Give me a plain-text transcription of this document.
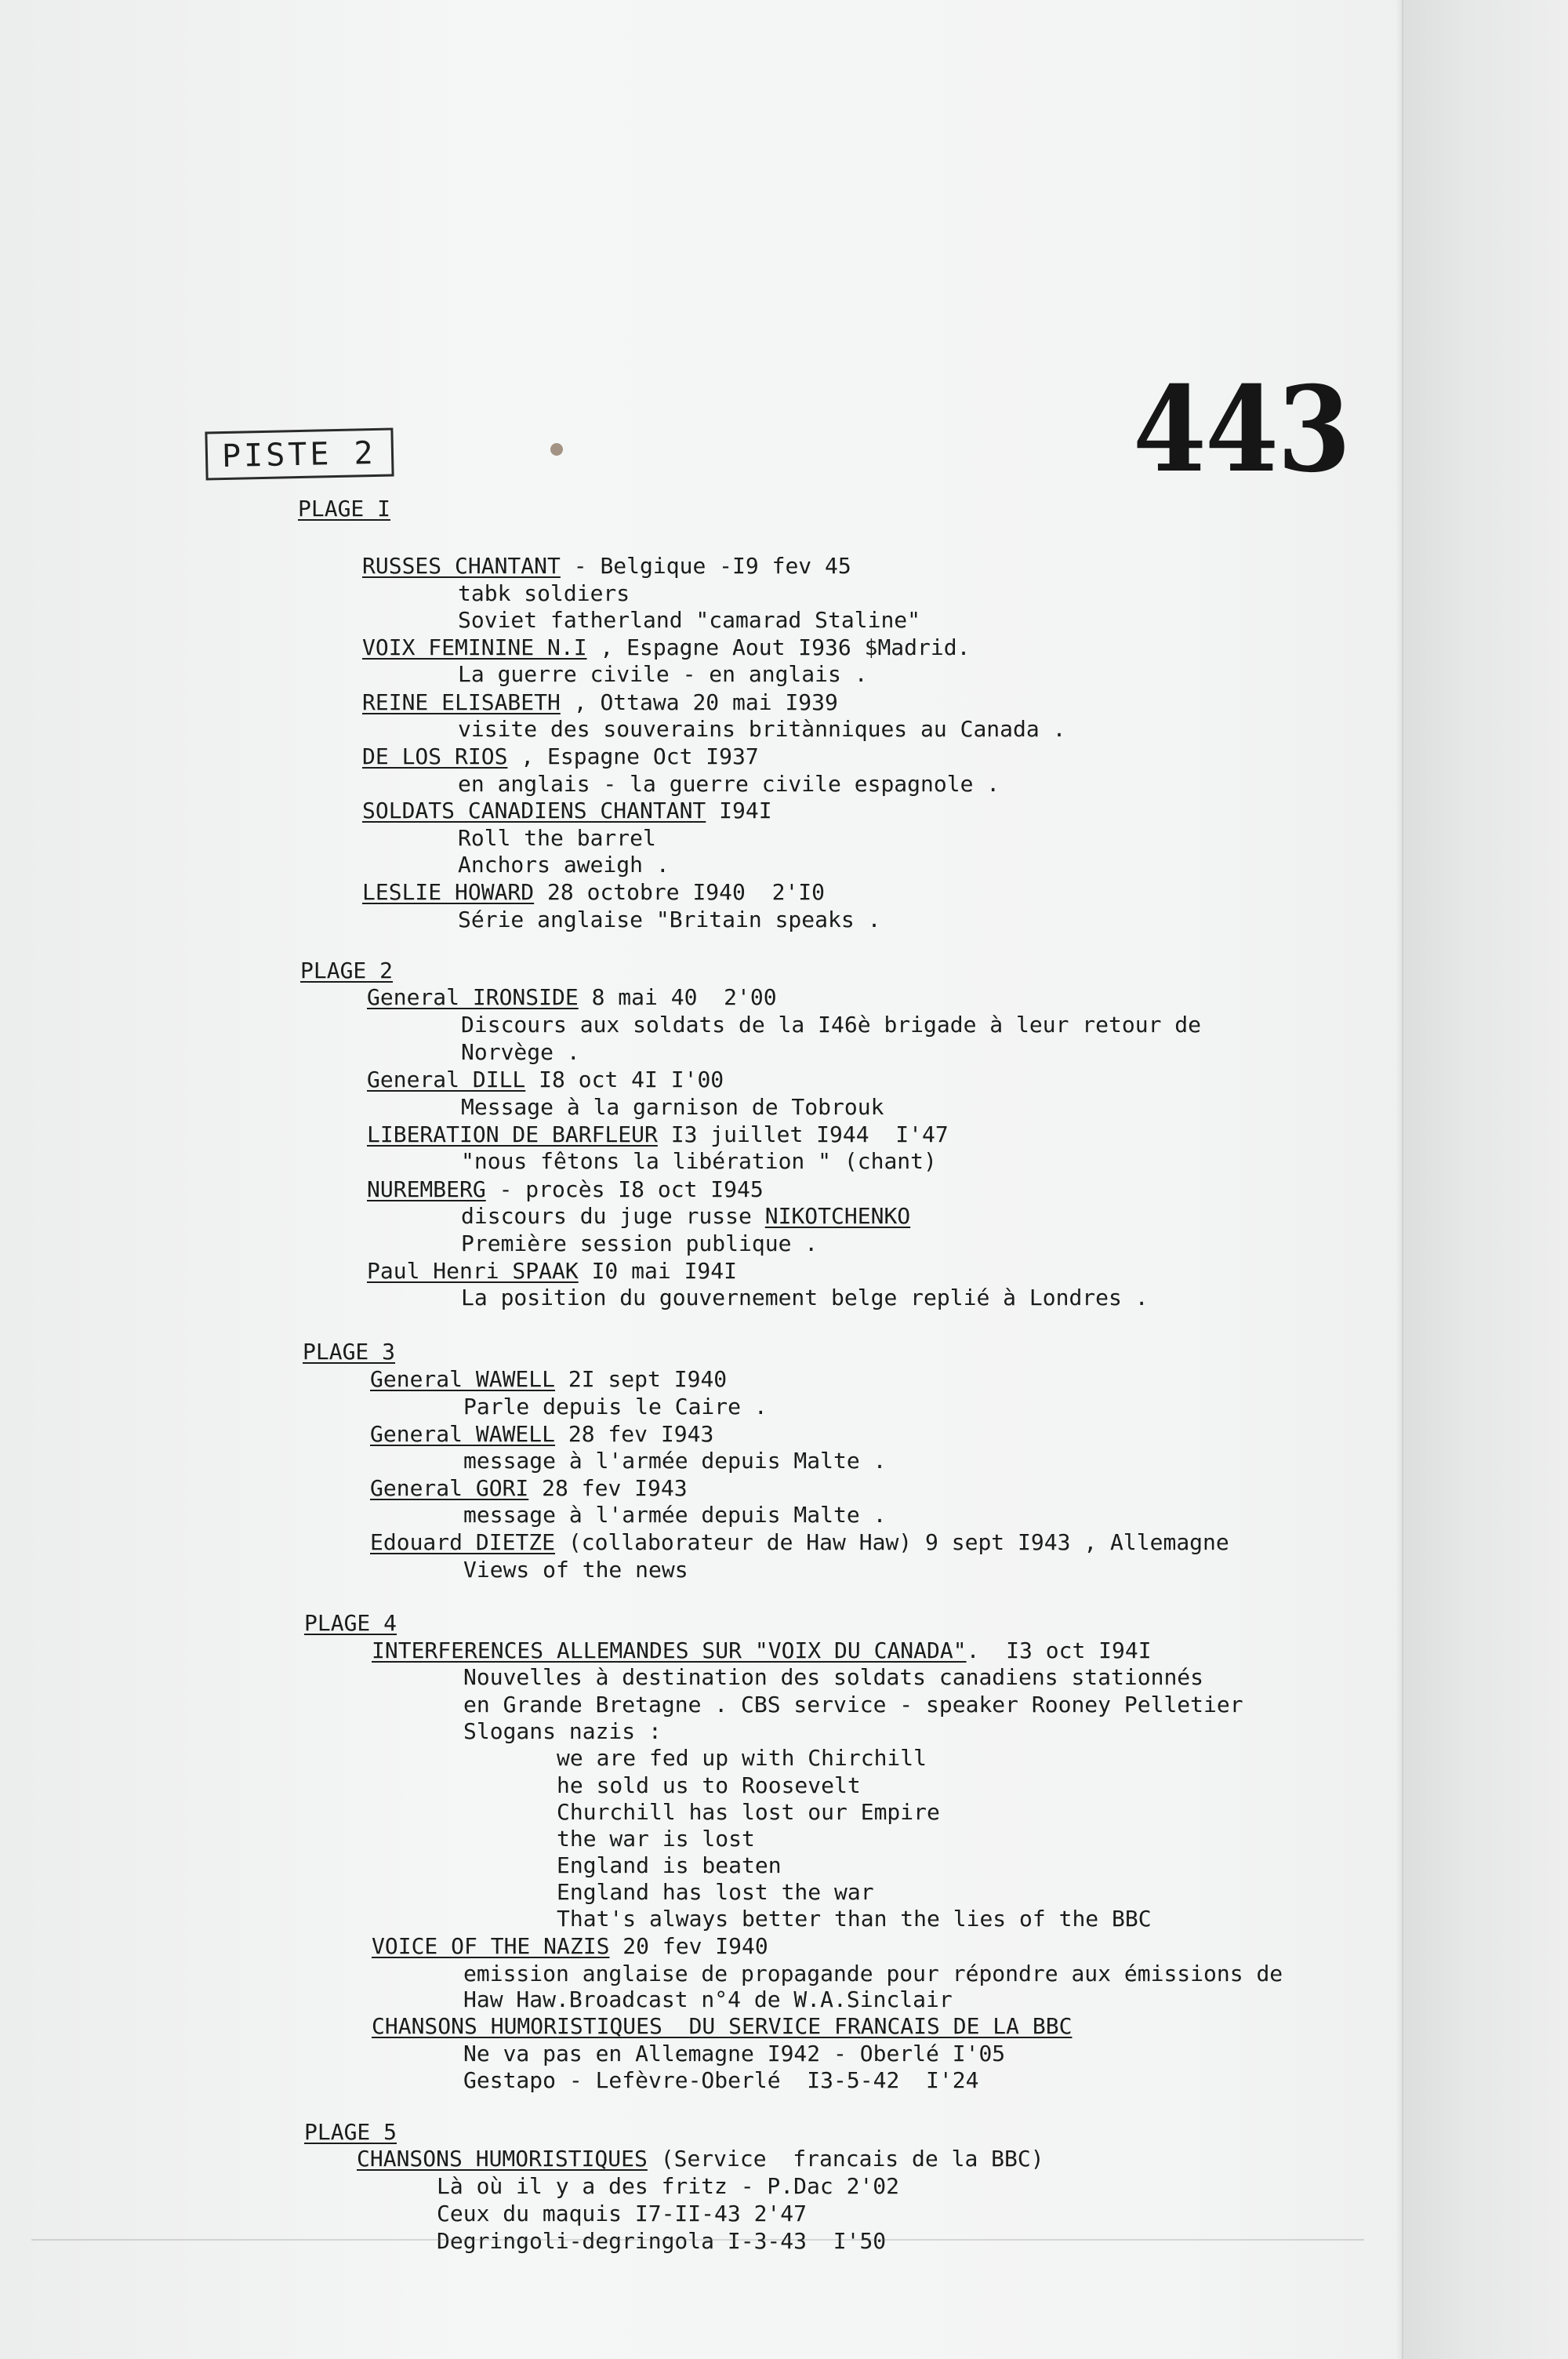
PISTE 2	443
PLAGE I
RUSSES CHANTANT - Belgique -I9 fev 45
tabk soldiers
Soviet fatherland "camarad Staline"
VOIX FEMININE N.I , Espagne Aout I936 $Madrid.
La guerre civile - en anglais .
REINE ELISABETH , Ottawa 20 mai I939
visite des souverains britànniques au Canada .
DE LOS RIOS , Espagne Oct I937
en anglais - la guerre civile espagnole .
SOLDATS CANADIENS CHANTANT I94I
Roll the barrel
Anchors aweigh .
LESLIE HOWARD 28 octobre I940  2'I0
Série anglaise "Britain speaks .
PLAGE 2
General IRONSIDE 8 mai 40  2'00
Discours aux soldats de la I46è brigade à leur retour de
Norvège .
General DILL I8 oct 4I I'00
Message à la garnison de Tobrouk
LIBERATION DE BARFLEUR I3 juillet I944  I'47
"nous fêtons la libération " (chant)
NUREMBERG - procès I8 oct I945
discours du juge russe NIKOTCHENKO
Première session publique .
Paul Henri SPAAK I0 mai I94I
La position du gouvernement belge replié à Londres .
PLAGE 3
General WAWELL 2I sept I940
Parle depuis le Caire .
General WAWELL 28 fev I943
message à l'armée depuis Malte .
General GORI 28 fev I943
message à l'armée depuis Malte .
Edouard DIETZE (collaborateur de Haw Haw) 9 sept I943 , Allemagne
Views of the news
PLAGE 4
INTERFERENCES ALLEMANDES SUR "VOIX DU CANADA".  I3 oct I94I
Nouvelles à destination des soldats canadiens stationnés
en Grande Bretagne . CBS service - speaker Rooney Pelletier
Slogans nazis :
we are fed up with Chirchill
he sold us to Roosevelt
Churchill has lost our Empire
the war is lost
England is beaten
England has lost the war
That's always better than the lies of the BBC
VOICE OF THE NAZIS 20 fev I940
emission anglaise de propagande pour répondre aux émissions de
Haw Haw.Broadcast n°4 de W.A.Sinclair
CHANSONS HUMORISTIQUES  DU SERVICE FRANCAIS DE LA BBC
Ne va pas en Allemagne I942 - Oberlé I'05
Gestapo - Lefèvre-Oberlé  I3-5-42  I'24
PLAGE 5
CHANSONS HUMORISTIQUES (Service  francais de la BBC)
Là où il y a des fritz - P.Dac 2'02
Ceux du maquis I7-II-43 2'47
Degringoli-degringola I-3-43  I'50
